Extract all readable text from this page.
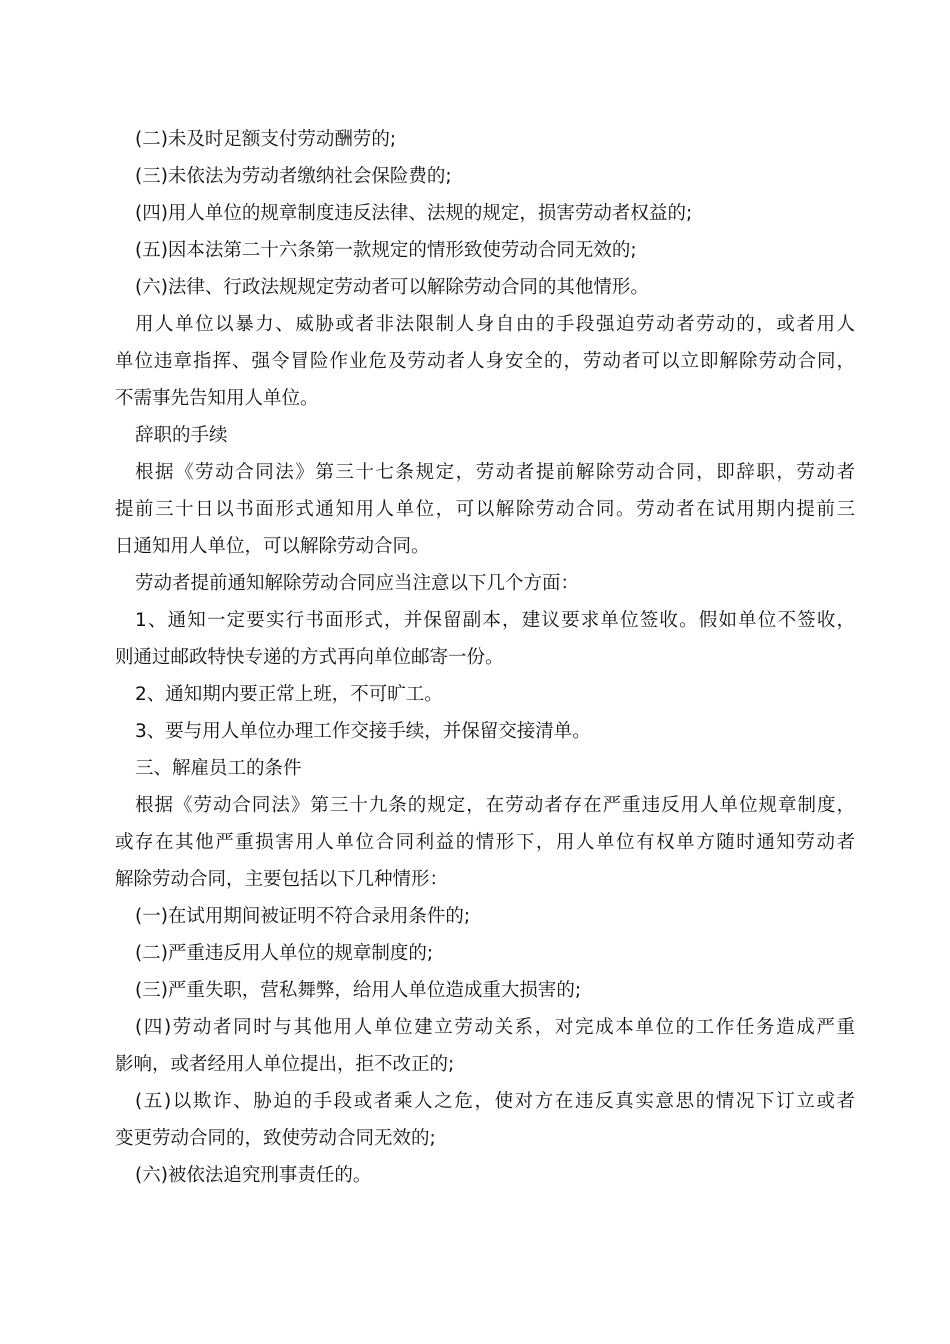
(二)未及时足额支付劳动酬劳的;
(三)未依法为劳动者缴纳社会保险费的;
(四)用人单位的规章制度违反法律、法规的规定，损害劳动者权益的;
(五)因本法第二十六条第一款规定的情形致使劳动合同无效的;
(六)法律、行政法规规定劳动者可以解除劳动合同的其他情形。
用人单位以暴力、威胁或者非法限制人身自由的手段强迫劳动者劳动的，或者用人
单位违章指挥、强令冒险作业危及劳动者人身安全的，劳动者可以立即解除劳动合同，
不需事先告知用人单位。
辞职的手续
根据《劳动合同法》第三十七条规定，劳动者提前解除劳动合同，即辞职，劳动者
提前三十日以书面形式通知用人单位，可以解除劳动合同。劳动者在试用期内提前三
日通知用人单位，可以解除劳动合同。
劳动者提前通知解除劳动合同应当注意以下几个方面：
1、通知一定要实行书面形式，并保留副本，建议要求单位签收。假如单位不签收，
则通过邮政特快专递的方式再向单位邮寄一份。
2、通知期内要正常上班，不可旷工。
3、要与用人单位办理工作交接手续，并保留交接清单。
三、解雇员工的条件
根据《劳动合同法》第三十九条的规定，在劳动者存在严重违反用人单位规章制度，
或存在其他严重损害用人单位合同利益的情形下，用人单位有权单方随时通知劳动者
解除劳动合同，主要包括以下几种情形：
(一)在试用期间被证明不符合录用条件的;
(二)严重违反用人单位的规章制度的;
(三)严重失职，营私舞弊，给用人单位造成重大损害的;
(四)劳动者同时与其他用人单位建立劳动关系，对完成本单位的工作任务造成严重
影响，或者经用人单位提出，拒不改正的;
(五)以欺诈、胁迫的手段或者乘人之危，使对方在违反真实意思的情况下订立或者
变更劳动合同的，致使劳动合同无效的;
(六)被依法追究刑事责任的。
